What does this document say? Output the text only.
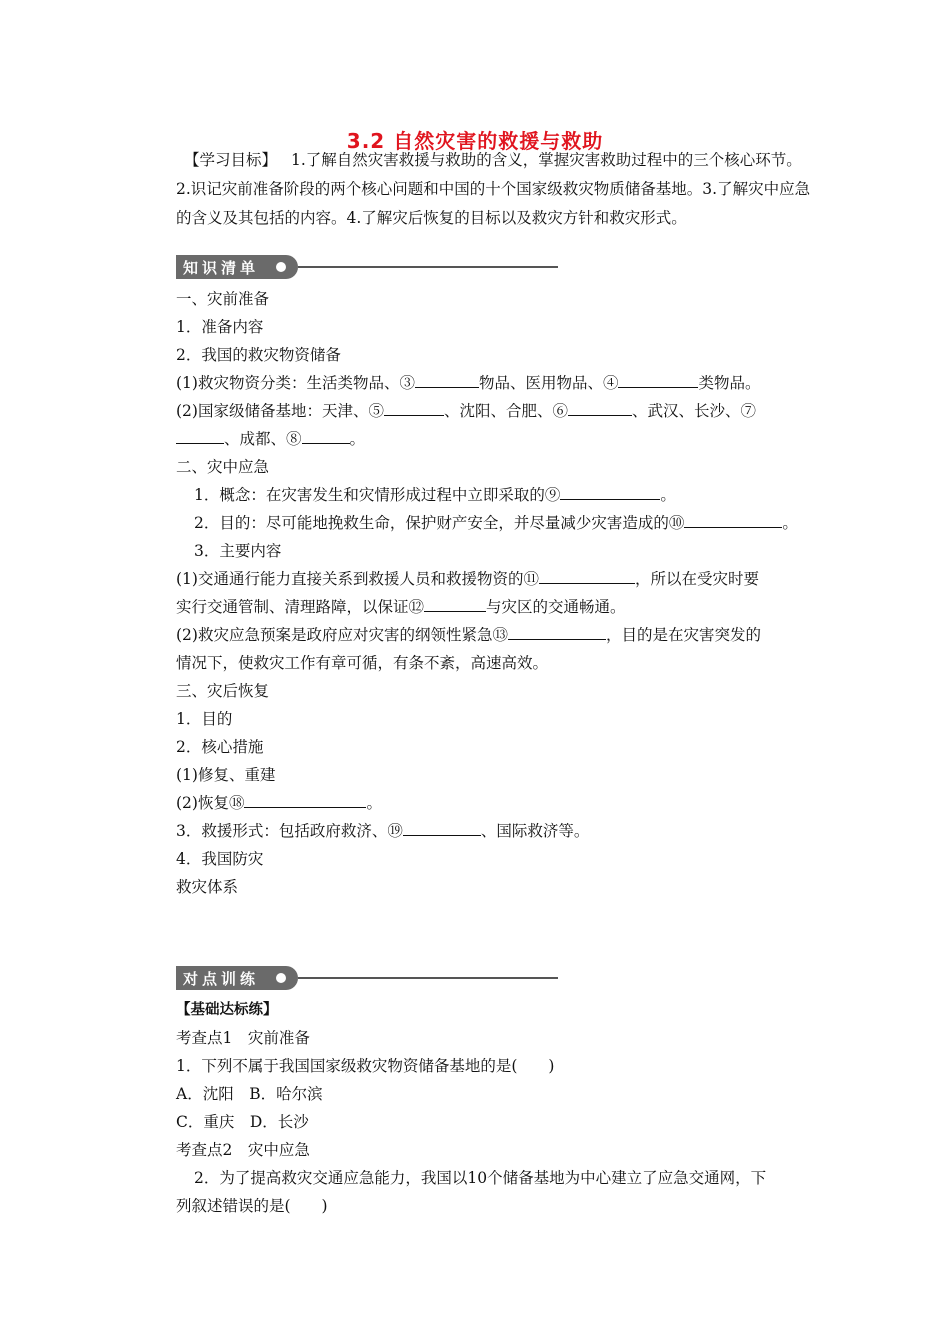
3.2 自然灾害的救援与救助
【学习目标】 1.了解自然灾害救援与救助的含义，掌握灾害救助过程中的三个核心环节。2.识记灾前准备阶段的两个核心问题和中国的十个国家级救灾物质储备基地。3.了解灾中应急的含义及其包括的内容。4.了解灾后恢复的目标以及救灾方针和救灾形式。
知识清单
一、灾前准备
1．准备内容
2．我国的救灾物资储备
(1)救灾物资分类：生活类物品、③	物品、医用物品、④	类物品。
(2)国家级储备基地：天津、⑤	、沈阳、合肥、⑥	、武汉、长沙、⑦
、成都、⑧	。
二、灾中应急
1．概念：在灾害发生和灾情形成过程中立即采取的⑨	。
2．目的：尽可能地挽救生命，保护财产安全，并尽量减少灾害造成的⑩	。
3．主要内容
(1)交通通行能力直接关系到救援人员和救援物资的⑪	，所以在受灾时要
实行交通管制、清理路障，以保证⑫	与灾区的交通畅通。
(2)救灾应急预案是政府应对灾害的纲领性紧急⑬	，目的是在灾害突发的
情况下，使救灾工作有章可循，有条不紊，高速高效。
三、灾后恢复
1．目的
2．核心措施
(1)修复、重建
(2)恢复⑱	。
3．救援形式：包括政府救济、⑲	、国际救济等。
4．我国防灾
救灾体系
对点训练
【基础达标练】
考查点1　灾前准备
1．下列不属于我国国家级救灾物资储备基地的是(　　)
A．沈阳　B．哈尔滨
C．重庆　D．长沙
考查点2　灾中应急
2．为了提高救灾交通应急能力，我国以10个储备基地为中心建立了应急交通网，下
列叙述错误的是(　　)
